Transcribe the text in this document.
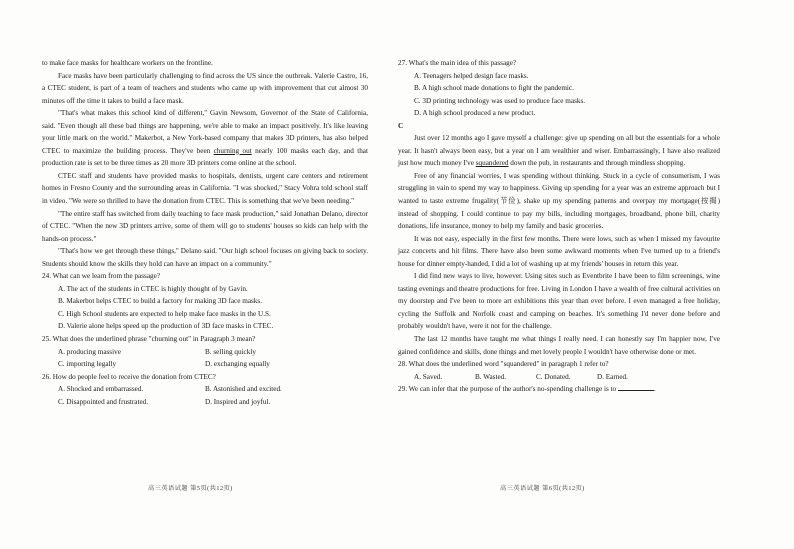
to make face masks for healthcare workers on the frontline.

Face masks have been particularly challenging to find across the US since the outbreak. Valerie Castro, 16, a CTEC student, is part of a team of teachers and students who came up with improvement that cut almost 30 minutes off the time it takes to build a face mask.

"That's what makes this school kind of different," Gavin Newsom, Governor of the State of California, said. "Even though all these bad things are happening, we're able to make an impact positively. It's like leaving your little mark on the world." Makerbot, a New York-based company that makes 3D printers, has also helped CTEC to maximize the building process. They've been churning out nearly 100 masks each day, and that production rate is set to be three times as 20 more 3D printers come online at the school.

CTEC staff and students have provided masks to hospitals, dentists, urgent care centers and retirement homes in Fresno County and the surrounding areas in California. "I was shocked," Stacy Vohra told school staff in video. "We were so thrilled to have the donation from CTEC. This is something that we've been needing."

"The entire staff has switched from daily teaching to face mask production," said Jonathan Delano, director of CTEC. "When the new 3D printers arrive, some of them will go to students' houses so kids can help with the hands-on process."

"That's how we get through these things," Delano said. "Our high school focuses on giving back to society. Students should know the skills they hold can have an impact on a community."

24. What can we learn from the passage?

A. The act of the students in CTEC is highly thought of by Gavin.

B. Makerbot helps CTEC to build a factory for making 3D face masks.

C. High School students are expected to help make face masks in the U.S.

D. Valerie alone helps speed up the production of 3D face masks in CTEC.

25. What does the underlined phrase "churning out" in Paragraph 3 mean?

A. producing massive	B. selling quickly
C. importing legally	D. exchanging equally

26. How do people feel to receive the donation from CTEC?

A. Shocked and embarrassed.	B. Astonished and excited.
C. Disappointed and frustrated.	D. Inspired and joyful.

27. What's the main idea of this passage?

A. Teenagers helped design face masks.

B. A high school made donations to fight the pandemic.

C. 3D printing technology was used to produce face masks.

D. A high school produced a new product.

C

Just over 12 months ago I gave myself a challenge: give up spending on all but the essentials for a whole year. It hasn't always been easy, but a year on I am wealthier and wiser. Embarrassingly, I have also realized just how much money I've squandered down the pub, in restaurants and through mindless shopping.

Free of any financial worries, I was spending without thinking. Stuck in a cycle of consumerism, I was struggling in vain to spend my way to happiness. Giving up spending for a year was an extreme approach but I wanted to taste extreme frugality(节俭), shake up my spending patterns and overpay my mortgage(按揭) instead of shopping. I could continue to pay my bills, including mortgages, broadband, phone bill, charity donations, life insurance, money to help my family and basic groceries.

It was not easy, especially in the first few months. There were lows, such as when I missed my favourite jazz concerts and hit films. There have also been some awkward moments when I've turned up to a friend's house for dinner empty-handed, I did a lot of washing up at my friends' houses in return this year.

I did find new ways to live, however. Using sites such as Eventbrite I have been to film screenings, wine tasting evenings and theatre productions for free. Living in London I have a wealth of free cultural activities on my doorstep and I've been to more art exhibitions this year than ever before. I even managed a free holiday, cycling the Suffolk and Norfolk coast and camping on beaches. It's something I'd never done before and probably wouldn't have, were it not for the challenge.

The last 12 months have taught me what things I really need. I can honestly say I'm happier now, I've gained confidence and skills, done things and met lovely people I wouldn't have otherwise done or met.

28. What does the underlined word "squandered" in paragraph 1 refer to?

A. Saved.	B. Wasted.	C. Donated.	D. Earned.

29. We can infer that the purpose of the author's no-spending challenge is to	.

高三英语试题 第5页(共12页)	高三英语试题 第6页(共12页)
